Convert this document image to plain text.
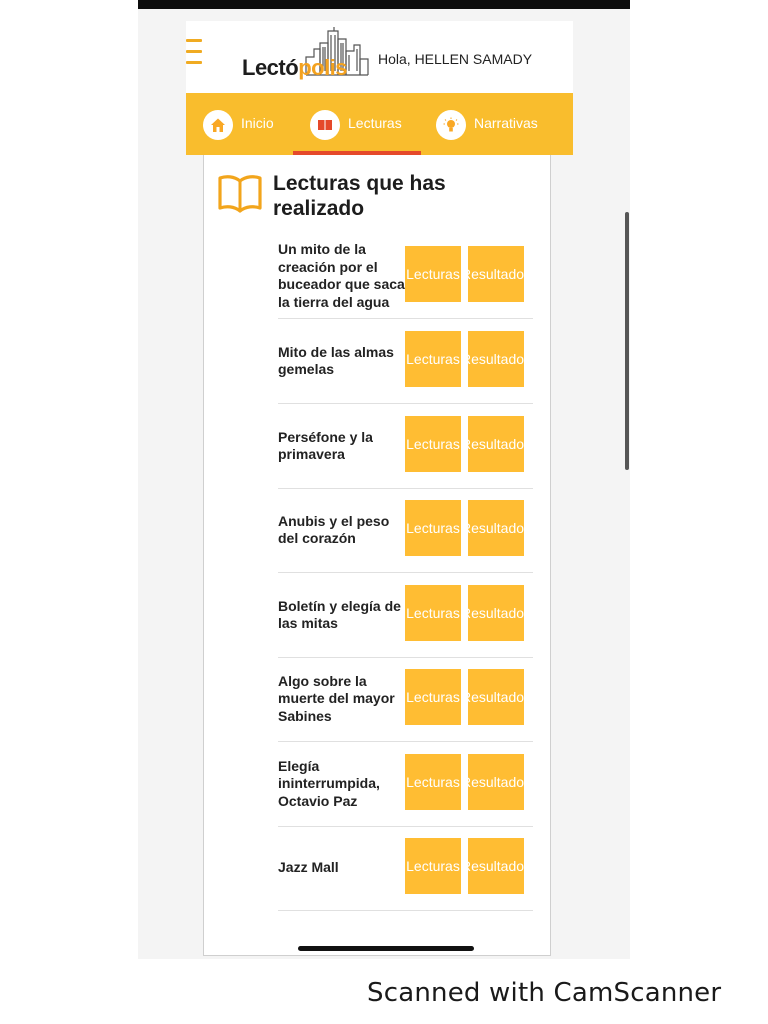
Lectópolis Hola, HELLEN SAMADY
Inicio	Lecturas	Narrativas
Lecturas que has realizado
Un mito de la creación por el buceador que saca la tierra del agua
Lecturas Resultados
Mito de las almas gemelas
Lecturas Resultados
Perséfone y la primavera
Lecturas Resultados
Anubis y el peso del corazón
Lecturas Resultados
Boletín y elegía de las mitas
Lecturas Resultados
Algo sobre la muerte del mayor Sabines
Lecturas Resultados
Elegía ininterrumpida, Octavio Paz
Lecturas Resultados
Jazz Mall	Lecturas Resultados
Scanned with CamScanner
